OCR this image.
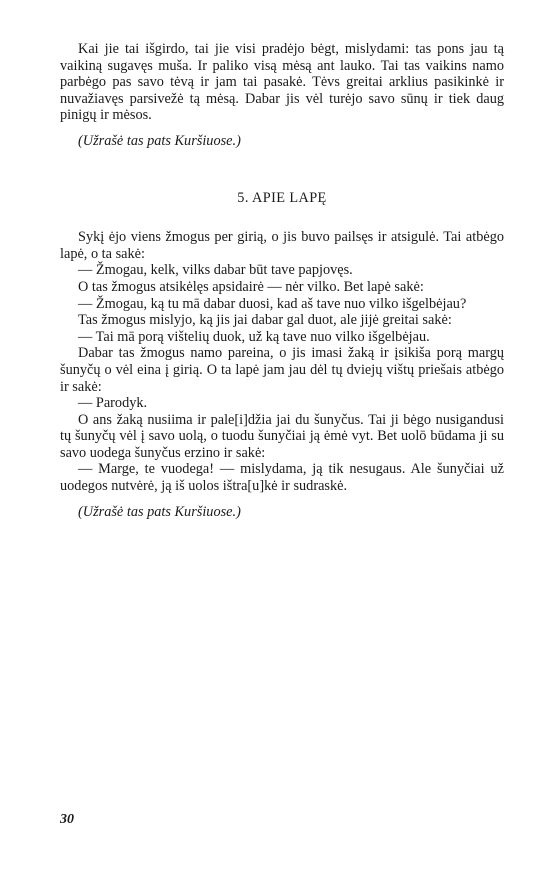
Kai jie tai išgirdo, tai jie visi pradėjo bėgt, mislydami: tas pons jau tą vaikiną sugavęs muša. Ir paliko visą mėsą ant lauko. Tai tas vaikins namo parbėgo pas savo tėvą ir jam tai pasakė. Tėvs greitai arklius pasikinkė ir nuvažiavęs parsivežė tą mėsą. Dabar jis vėl turėjo savo sūnų ir tiek daug pinigų ir mėsos.

(Užrašė tas pats Kuršiuose.)

5. APIE LAPĘ

Sykį ėjo viens žmogus per girią, o jis buvo pailsęs ir atsigulė. Tai atbėgo lapė, o ta sakė:

— Žmogau, kelk, vilks dabar būt tave papjovęs.

O tas žmogus atsikėlęs apsidairė — nėr vilko. Bet lapė sakė:

— Žmogau, ką tu mā dabar duosi, kad aš tave nuo vilko išgelbėjau?

Tas žmogus mislyjo, ką jis jai dabar gal duot, ale jijė greitai sakė:

— Tai mā porą vištelių duok, už ką tave nuo vilko išgelbėjau.

Dabar tas žmogus namo pareina, o jis imasi žaką ir įsikiša porą margų šunyčų o vėl eina į girią. O ta lapė jam jau dėl tų dviejų vištų priešais atbėgo ir sakė:

— Parodyk.

O ans žaką nusiima ir pale[i]džia jai du šunyčus. Tai ji bėgo nusigandusi tų šunyčų vėl į savo uolą, o tuodu šunyčiai ją ėmė vyt. Bet uolō būdama ji su savo uodega šunyčus erzino ir sakė:

— Marge, te vuodega! — mislydama, ją tik nesugaus. Ale šunyčiai už uodegos nutvėrė, ją iš uolos ištra[u]kė ir sudraskė.

(Užrašė tas pats Kuršiuose.)

30
